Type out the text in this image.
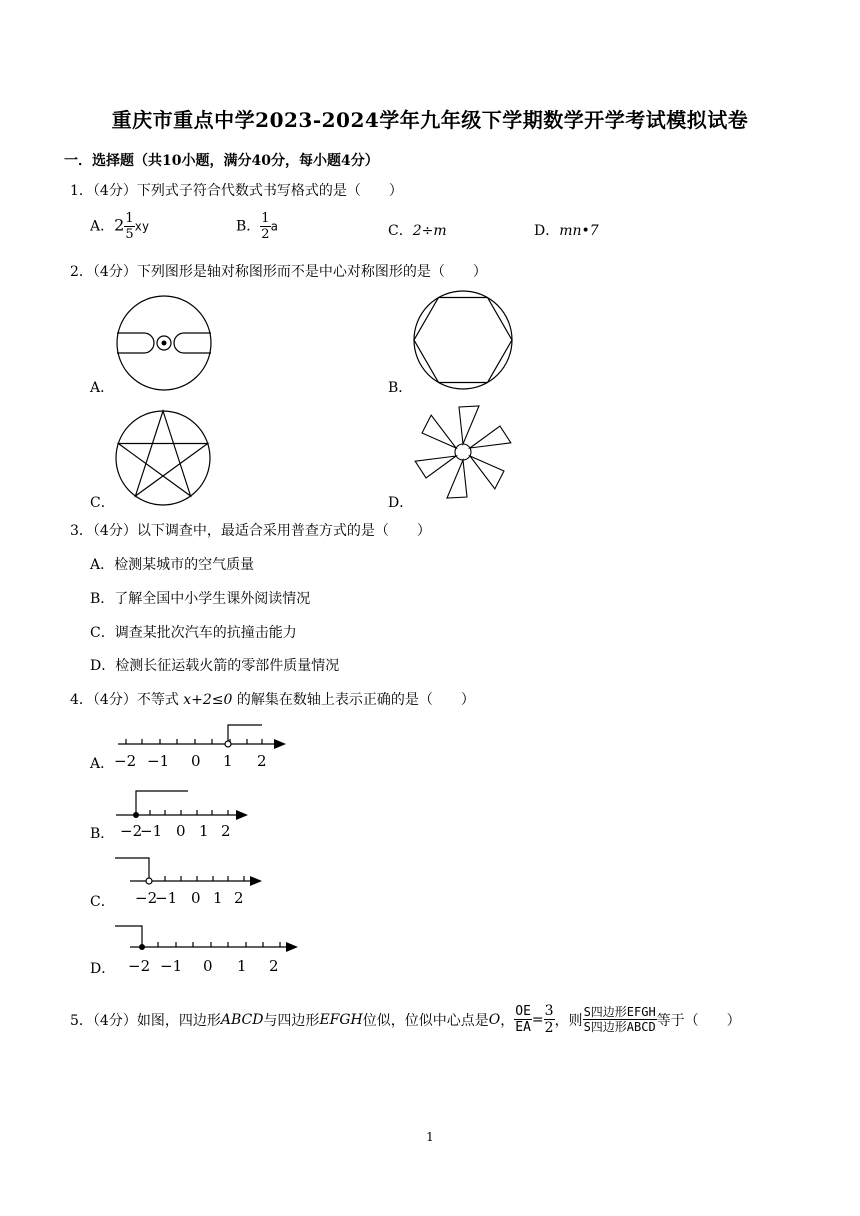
重庆市重点中学2023-2024学年九年级下学期数学开学考试模拟试卷
一．选择题（共10小题，满分40分，每小题4分）
1．（4分）下列式子符合代数式书写格式的是（　　）
A．$2 \frac{1}{5}$ xy	B． $\frac{1}{2}$ a	C．2÷m	D．mn•7
2．（4分）下列图形是轴对称图形而不是中心对称图形的是（　　）
A．	B．
C．	D．
3．（4分）以下调查中，最适合采用普查方式的是（　　）
A．检测某城市的空气质量
B．了解全国中小学生课外阅读情况
C．调查某批次汽车的抗撞击能力
D．检测长征运载火箭的零部件质量情况
4．（4分）不等式 x+2≤0 的解集在数轴上表示正确的是（　　）
A． −2 −1 0 1 2
B． −2
−1 0 1 2
C． −2
−1 0 1 2
D． −2 −1 0 1 2
5．（4分）如图，四边形 ABCD 与四边形 EFGH 位似，位似中心点是 O ， $\frac{OE}{EA} = \frac{3}{2}$ ，则 $\frac{\text{S四边形EFGH}}{\text{S四边形ABCD}}$ 等于（　　）
1
